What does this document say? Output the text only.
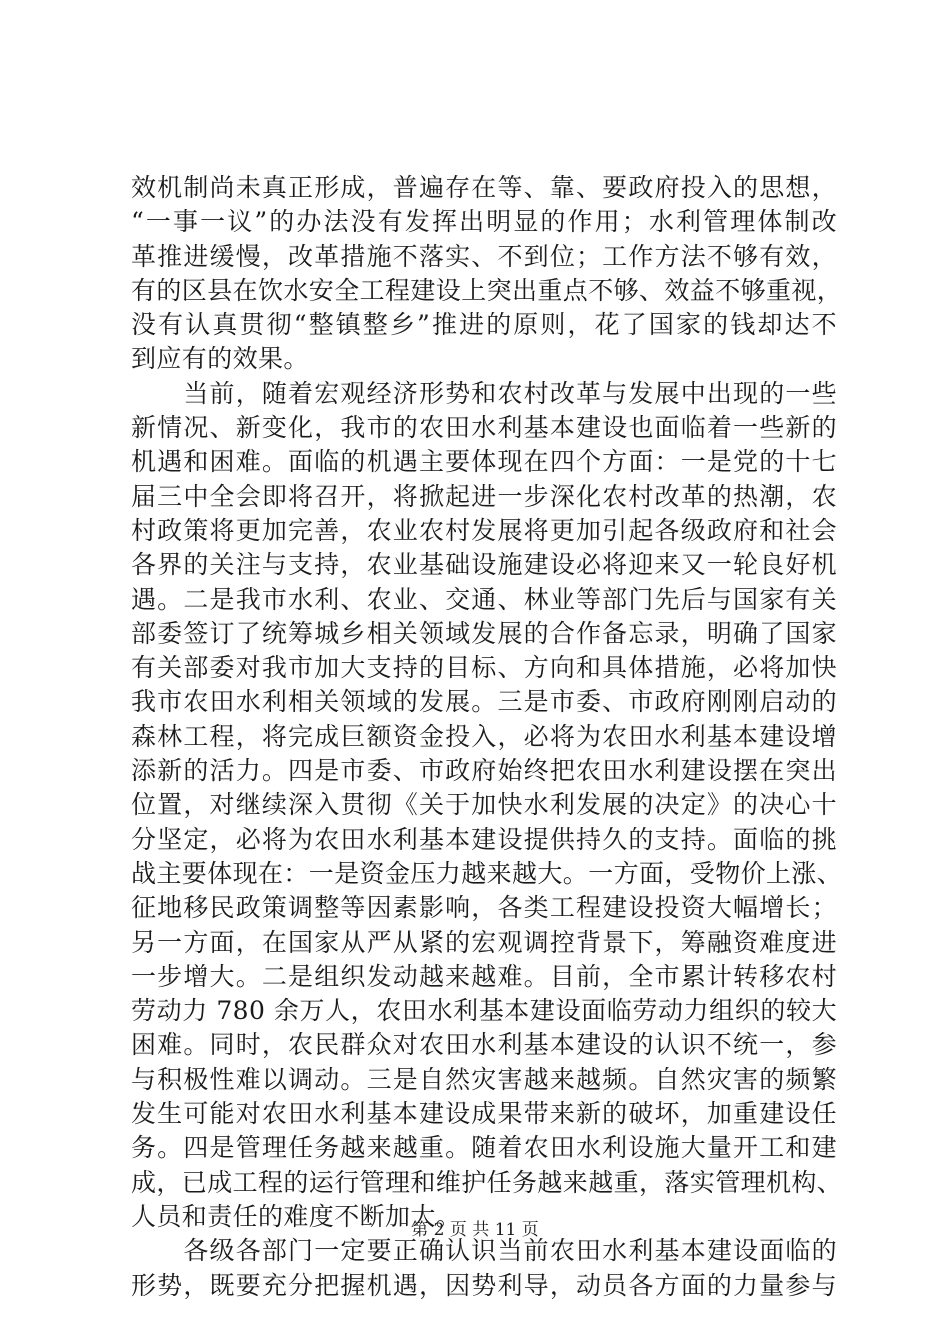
效机制尚未真正形成，普遍存在等、靠、要政府投入的思想，
“一事一议”的办法没有发挥出明显的作用；水利管理体制改
革推进缓慢，改革措施不落实、不到位；工作方法不够有效，
有的区县在饮水安全工程建设上突出重点不够、效益不够重视，
没有认真贯彻“整镇整乡”推进的原则，花了国家的钱却达不
到应有的效果。
　　当前，随着宏观经济形势和农村改革与发展中出现的一些
新情况、新变化，我市的农田水利基本建设也面临着一些新的
机遇和困难。面临的机遇主要体现在四个方面：一是党的十七
届三中全会即将召开，将掀起进一步深化农村改革的热潮，农
村政策将更加完善，农业农村发展将更加引起各级政府和社会
各界的关注与支持，农业基础设施建设必将迎来又一轮良好机
遇。二是我市水利、农业、交通、林业等部门先后与国家有关
部委签订了统筹城乡相关领域发展的合作备忘录，明确了国家
有关部委对我市加大支持的目标、方向和具体措施，必将加快
我市农田水利相关领域的发展。三是市委、市政府刚刚启动的
森林工程，将完成巨额资金投入，必将为农田水利基本建设增
添新的活力。四是市委、市政府始终把农田水利建设摆在突出
位置，对继续深入贯彻《关于加快水利发展的决定》的决心十
分坚定，必将为农田水利基本建设提供持久的支持。面临的挑
战主要体现在：一是资金压力越来越大。一方面，受物价上涨、
征地移民政策调整等因素影响，各类工程建设投资大幅增长；
另一方面，在国家从严从紧的宏观调控背景下，筹融资难度进
一步增大。二是组织发动越来越难。目前，全市累计转移农村
劳动力 780 余万人，农田水利基本建设面临劳动力组织的较大
困难。同时，农民群众对农田水利基本建设的认识不统一，参
与积极性难以调动。三是自然灾害越来越频。自然灾害的频繁
发生可能对农田水利基本建设成果带来新的破坏，加重建设任
务。四是管理任务越来越重。随着农田水利设施大量开工和建
成，已成工程的运行管理和维护任务越来越重，落实管理机构、
人员和责任的难度不断加大。
　　各级各部门一定要正确认识当前农田水利基本建设面临的
形势，既要充分把握机遇，因势利导，动员各方面的力量参与
第 2 页 共 11 页
